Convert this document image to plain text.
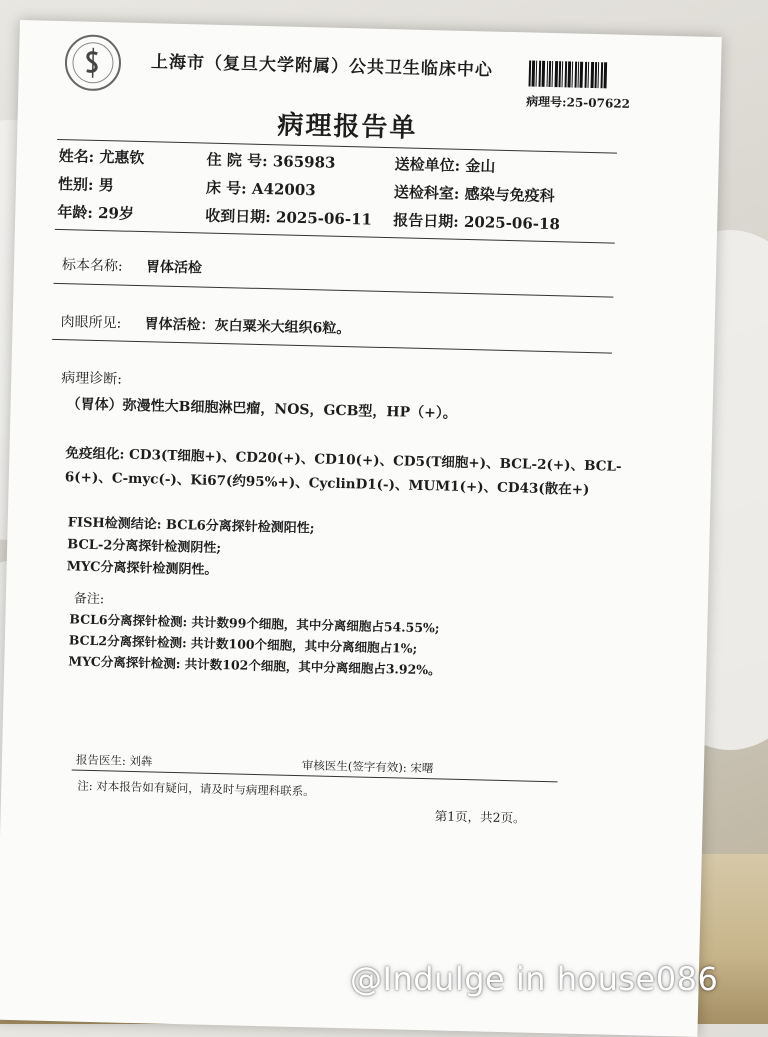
上海市（复旦大学附属）公共卫生临床中心
病理号:25-07622
病理报告单
姓名: 尤惠钦	住 院 号: 365983	送检单位: 金山
性别: 男	床 号: A42003	送检科室: 感染与免疫科
年龄: 29岁	收到日期: 2025-06-11 报告日期: 2025-06-18
标本名称: 胃体活检
肉眼所见: 胃体活检：灰白粟米大组织6粒。
病理诊断:
（胃体）弥漫性大B细胞淋巴瘤，NOS，GCB型，HP（+）。
免疫组化: CD3(T细胞+)、CD20(+)、CD10(+)、CD5(T细胞+)、BCL-2(+)、BCL-
6(+)、C-myc(-)、Ki67(约95%+)、CyclinD1(-)、MUM1(+)、CD43(散在+)
FISH检测结论: BCL6分离探针检测阳性;
BCL-2分离探针检测阴性;
MYC分离探针检测阴性。
备注:
BCL6分离探针检测: 共计数99个细胞，其中分离细胞占54.55%;
BCL2分离探针检测: 共计数100个细胞，其中分离细胞占1%;
MYC分离探针检测: 共计数102个细胞，其中分离细胞占3.92%。
报告医生: 刘犇	审核医生(签字有效): 宋曙
注: 对本报告如有疑问，请及时与病理科联系。
第1页，共2页。
@Indulge in house086
